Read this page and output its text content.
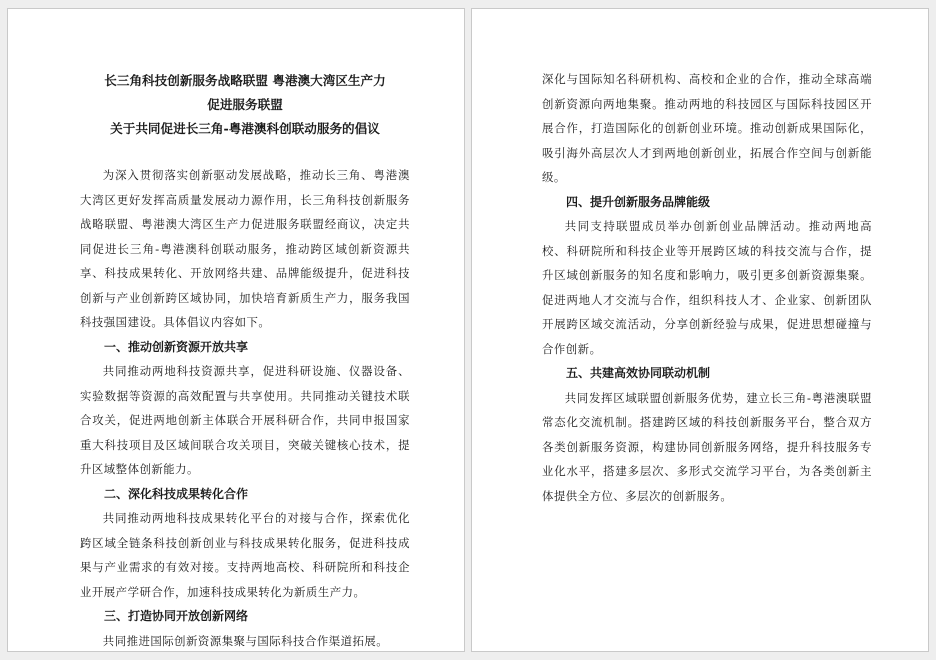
长三角科技创新服务战略联盟 粤港澳大湾区生产力

促进服务联盟

关于共同促进长三角-粤港澳科创联动服务的倡议

为深入贯彻落实创新驱动发展战略，推动长三角、粤港澳大湾区更好发挥高质量发展动力源作用，长三角科技创新服务战略联盟、粤港澳大湾区生产力促进服务联盟经商议，决定共同促进长三角-粤港澳科创联动服务，推动跨区域创新资源共享、科技成果转化、开放网络共建、品牌能级提升，促进科技创新与产业创新跨区域协同，加快培育新质生产力，服务我国科技强国建设。具体倡议内容如下。

一、推动创新资源开放共享

共同推动两地科技资源共享，促进科研设施、仪器设备、实验数据等资源的高效配置与共享使用。共同推动关键技术联合攻关，促进两地创新主体联合开展科研合作，共同申报国家重大科技项目及区域间联合攻关项目，突破关键核心技术，提升区域整体创新能力。

二、深化科技成果转化合作

共同推动两地科技成果转化平台的对接与合作，探索优化跨区域全链条科技创新创业与科技成果转化服务，促进科技成果与产业需求的有效对接。支持两地高校、科研院所和科技企业开展产学研合作，加速科技成果转化为新质生产力。

三、打造协同开放创新网络

共同推进国际创新资源集聚与国际科技合作渠道拓展。

深化与国际知名科研机构、高校和企业的合作，推动全球高端创新资源向两地集聚。推动两地的科技园区与国际科技园区开展合作，打造国际化的创新创业环境。推动创新成果国际化，吸引海外高层次人才到两地创新创业，拓展合作空间与创新能级。

四、提升创新服务品牌能级

共同支持联盟成员举办创新创业品牌活动。推动两地高校、科研院所和科技企业等开展跨区域的科技交流与合作，提升区域创新服务的知名度和影响力，吸引更多创新资源集聚。促进两地人才交流与合作，组织科技人才、企业家、创新团队开展跨区域交流活动，分享创新经验与成果，促进思想碰撞与合作创新。

五、共建高效协同联动机制

共同发挥区域联盟创新服务优势，建立长三角-粤港澳联盟常态化交流机制。搭建跨区域的科技创新服务平台，整合双方各类创新服务资源，构建协同创新服务网络，提升科技服务专业化水平，搭建多层次、多形式交流学习平台，为各类创新主体提供全方位、多层次的创新服务。
